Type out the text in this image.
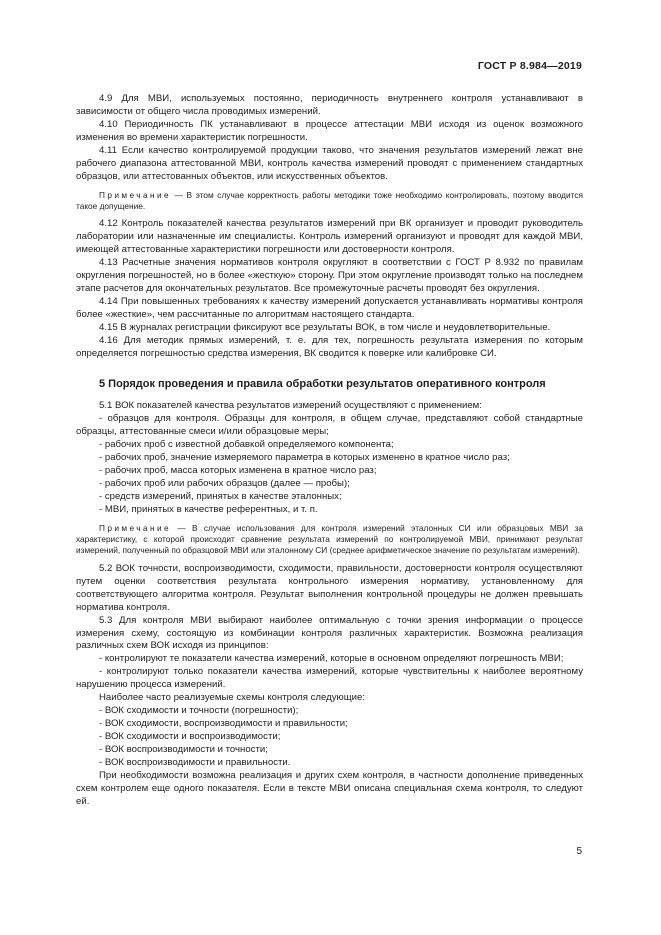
ГОСТ Р 8.984—2019

4.9 Для МВИ, используемых постоянно, периодичность внутреннего контроля устанавливают в зависимости от общего числа проводимых измерений.

4.10 Периодичность ПК устанавливают в процессе аттестации МВИ исходя из оценок возможного изменения во времени характеристик погрешности.

4.11 Если качество контролируемой продукции таково, что значения результатов измерений лежат вне рабочего диапазона аттестованной МВИ, контроль качества измерений проводят с применением стандартных образцов, или аттестованных объектов, или искусственных объектов.

Примечание — В этом случае корректность работы методики тоже необходимо контролировать, поэтому вводится такое допущение.

4.12 Контроль показателей качества результатов измерений при ВК организует и проводит руководитель лаборатории или назначенные им специалисты. Контроль измерений организуют и проводят для каждой МВИ, имеющей аттестованные характеристики погрешности или достоверности контроля.

4.13 Расчетные значения нормативов контроля округляют в соответствии с ГОСТ Р 8.932 по правилам округления погрешностей, но в более «жесткую» сторону. При этом округление производят только на последнем этапе расчетов для окончательных результатов. Все промежуточные расчеты проводят без округления.

4.14 При повышенных требованиях к качеству измерений допускается устанавливать нормативы контроля более «жесткие», чем рассчитанные по алгоритмам настоящего стандарта.

4.15 В журналах регистрации фиксируют все результаты ВОК, в том числе и неудовлетворительные.

4.16 Для методик прямых измерений, т. е. для тех, погрешность результата измерения по которым определяется погрешностью средства измерения, ВК сводится к поверке или калибровке СИ.

5 Порядок проведения и правила обработки результатов оперативного контроля

5.1 ВОК показателей качества результатов измерений осуществляют с применением:

- образцов для контроля. Образцы для контроля, в общем случае, представляют собой стандартные образцы, аттестованные смеси и/или образцовые меры;

- рабочих проб с известной добавкой определяемого компонента;

- рабочих проб, значение измеряемого параметра в которых изменено в кратное число раз;

- рабочих проб, масса которых изменена в кратное число раз;

- рабочих проб или рабочих образцов (далее — пробы);

- средств измерений, принятых в качестве эталонных;

- МВИ, принятых в качестве референтных, и т. п.

Примечание — В случае использования для контроля измерений эталонных СИ или образцовых МВИ за характеристику, с которой происходит сравнение результата измерений по контролируемой МВИ, принимают результат измерений, полученный по образцовой МВИ или эталонному СИ (среднее арифметическое значение по результатам измерений).

5.2 ВОК точности, воспроизводимости, сходимости, правильности, достоверности контроля осуществляют путем оценки соответствия результата контрольного измерения нормативу, установленному для соответствующего алгоритма контроля. Результат выполнения контрольной процедуры не должен превышать норматива контроля.

5.3 Для контроля МВИ выбирают наиболее оптимальную с точки зрения информации о процессе измерения схему, состоящую из комбинации контроля различных характеристик. Возможна реализация различных схем ВОК исходя из принципов:

- контролируют те показатели качества измерений, которые в основном определяют погрешность МВИ;

- контролируют только показатели качества измерений, которые чувствительны к наиболее вероятному нарушению процесса измерений.

Наиболее часто реализуемые схемы контроля следующие:

- ВОК сходимости и точности (погрешности);

- ВОК сходимости, воспроизводимости и правильности;

- ВОК сходимости и воспроизводимости;

- ВОК воспроизводимости и точности;

- ВОК воспроизводимости и правильности.

При необходимости возможна реализация и других схем контроля, в частности дополнение приведенных схем контролем еще одного показателя. Если в тексте МВИ описана специальная схема контроля, то следуют ей.

5
